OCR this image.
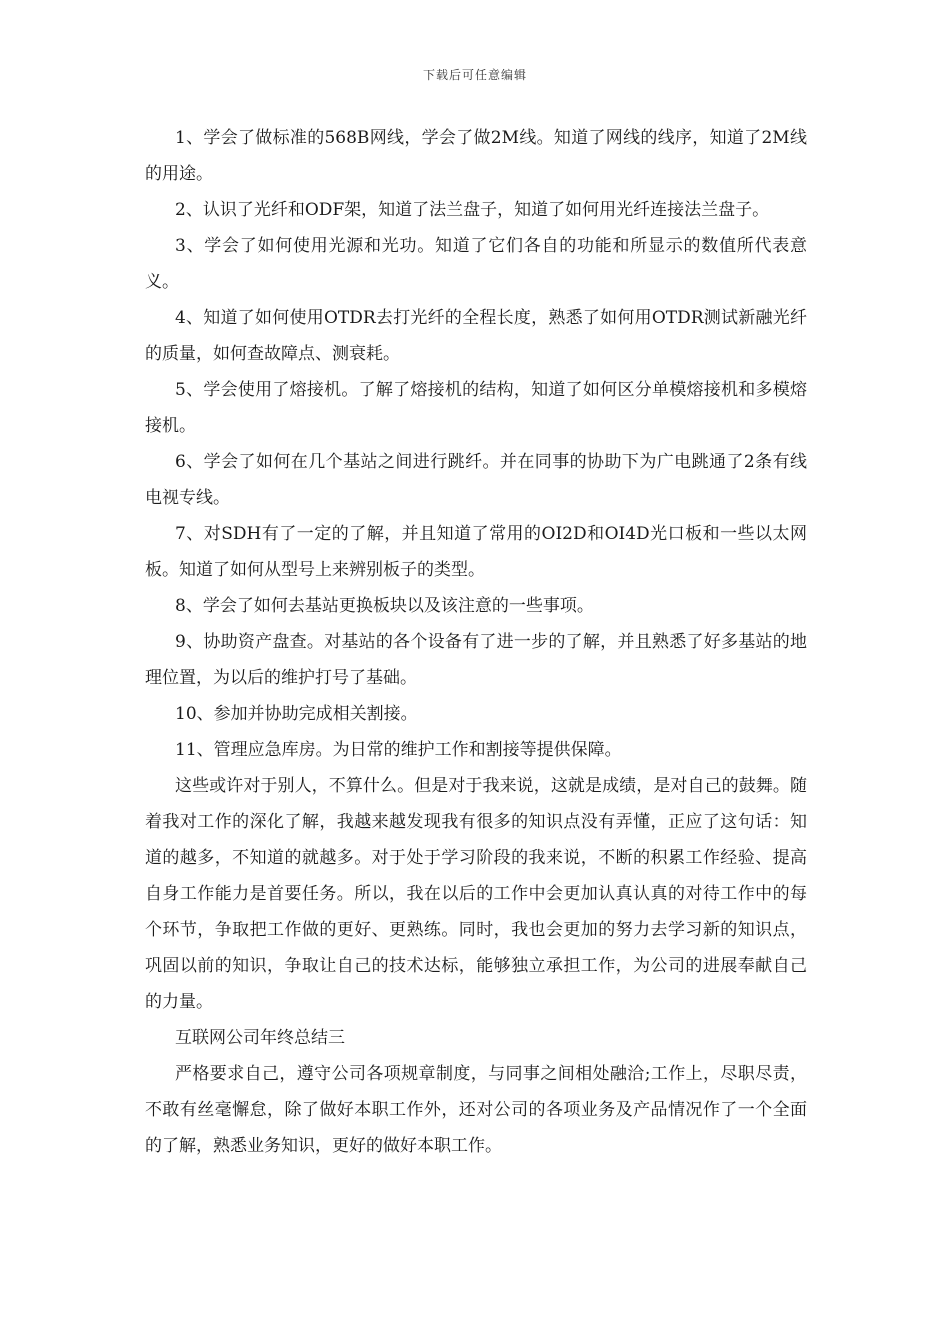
下载后可任意编辑

1、学会了做标准的568B网线，学会了做2M线。知道了网线的线序，知道了2M线的用途。

2、认识了光纤和ODF架，知道了法兰盘子，知道了如何用光纤连接法兰盘子。

3、学会了如何使用光源和光功。知道了它们各自的功能和所显示的数值所代表意义。

4、知道了如何使用OTDR去打光纤的全程长度，熟悉了如何用OTDR测试新融光纤的质量，如何查故障点、测衰耗。

5、学会使用了熔接机。了解了熔接机的结构，知道了如何区分单模熔接机和多模熔接机。

6、学会了如何在几个基站之间进行跳纤。并在同事的协助下为广电跳通了2条有线电视专线。

7、对SDH有了一定的了解，并且知道了常用的OI2D和OI4D光口板和一些以太网板。知道了如何从型号上来辨别板子的类型。

8、学会了如何去基站更换板块以及该注意的一些事项。

9、协助资产盘查。对基站的各个设备有了进一步的了解，并且熟悉了好多基站的地理位置，为以后的维护打号了基础。

10、参加并协助完成相关割接。

11、管理应急库房。为日常的维护工作和割接等提供保障。

这些或许对于别人，不算什么。但是对于我来说，这就是成绩，是对自己的鼓舞。随着我对工作的深化了解，我越来越发现我有很多的知识点没有弄懂，正应了这句话：知道的越多，不知道的就越多。对于处于学习阶段的我来说，不断的积累工作经验、提高自身工作能力是首要任务。所以，我在以后的工作中会更加认真认真的对待工作中的每个环节，争取把工作做的更好、更熟练。同时，我也会更加的努力去学习新的知识点，巩固以前的知识，争取让自己的技术达标，能够独立承担工作，为公司的进展奉献自己的力量。

互联网公司年终总结三

严格要求自己，遵守公司各项规章制度，与同事之间相处融洽;工作上，尽职尽责，不敢有丝毫懈怠，除了做好本职工作外，还对公司的各项业务及产品情况作了一个全面的了解，熟悉业务知识，更好的做好本职工作。
